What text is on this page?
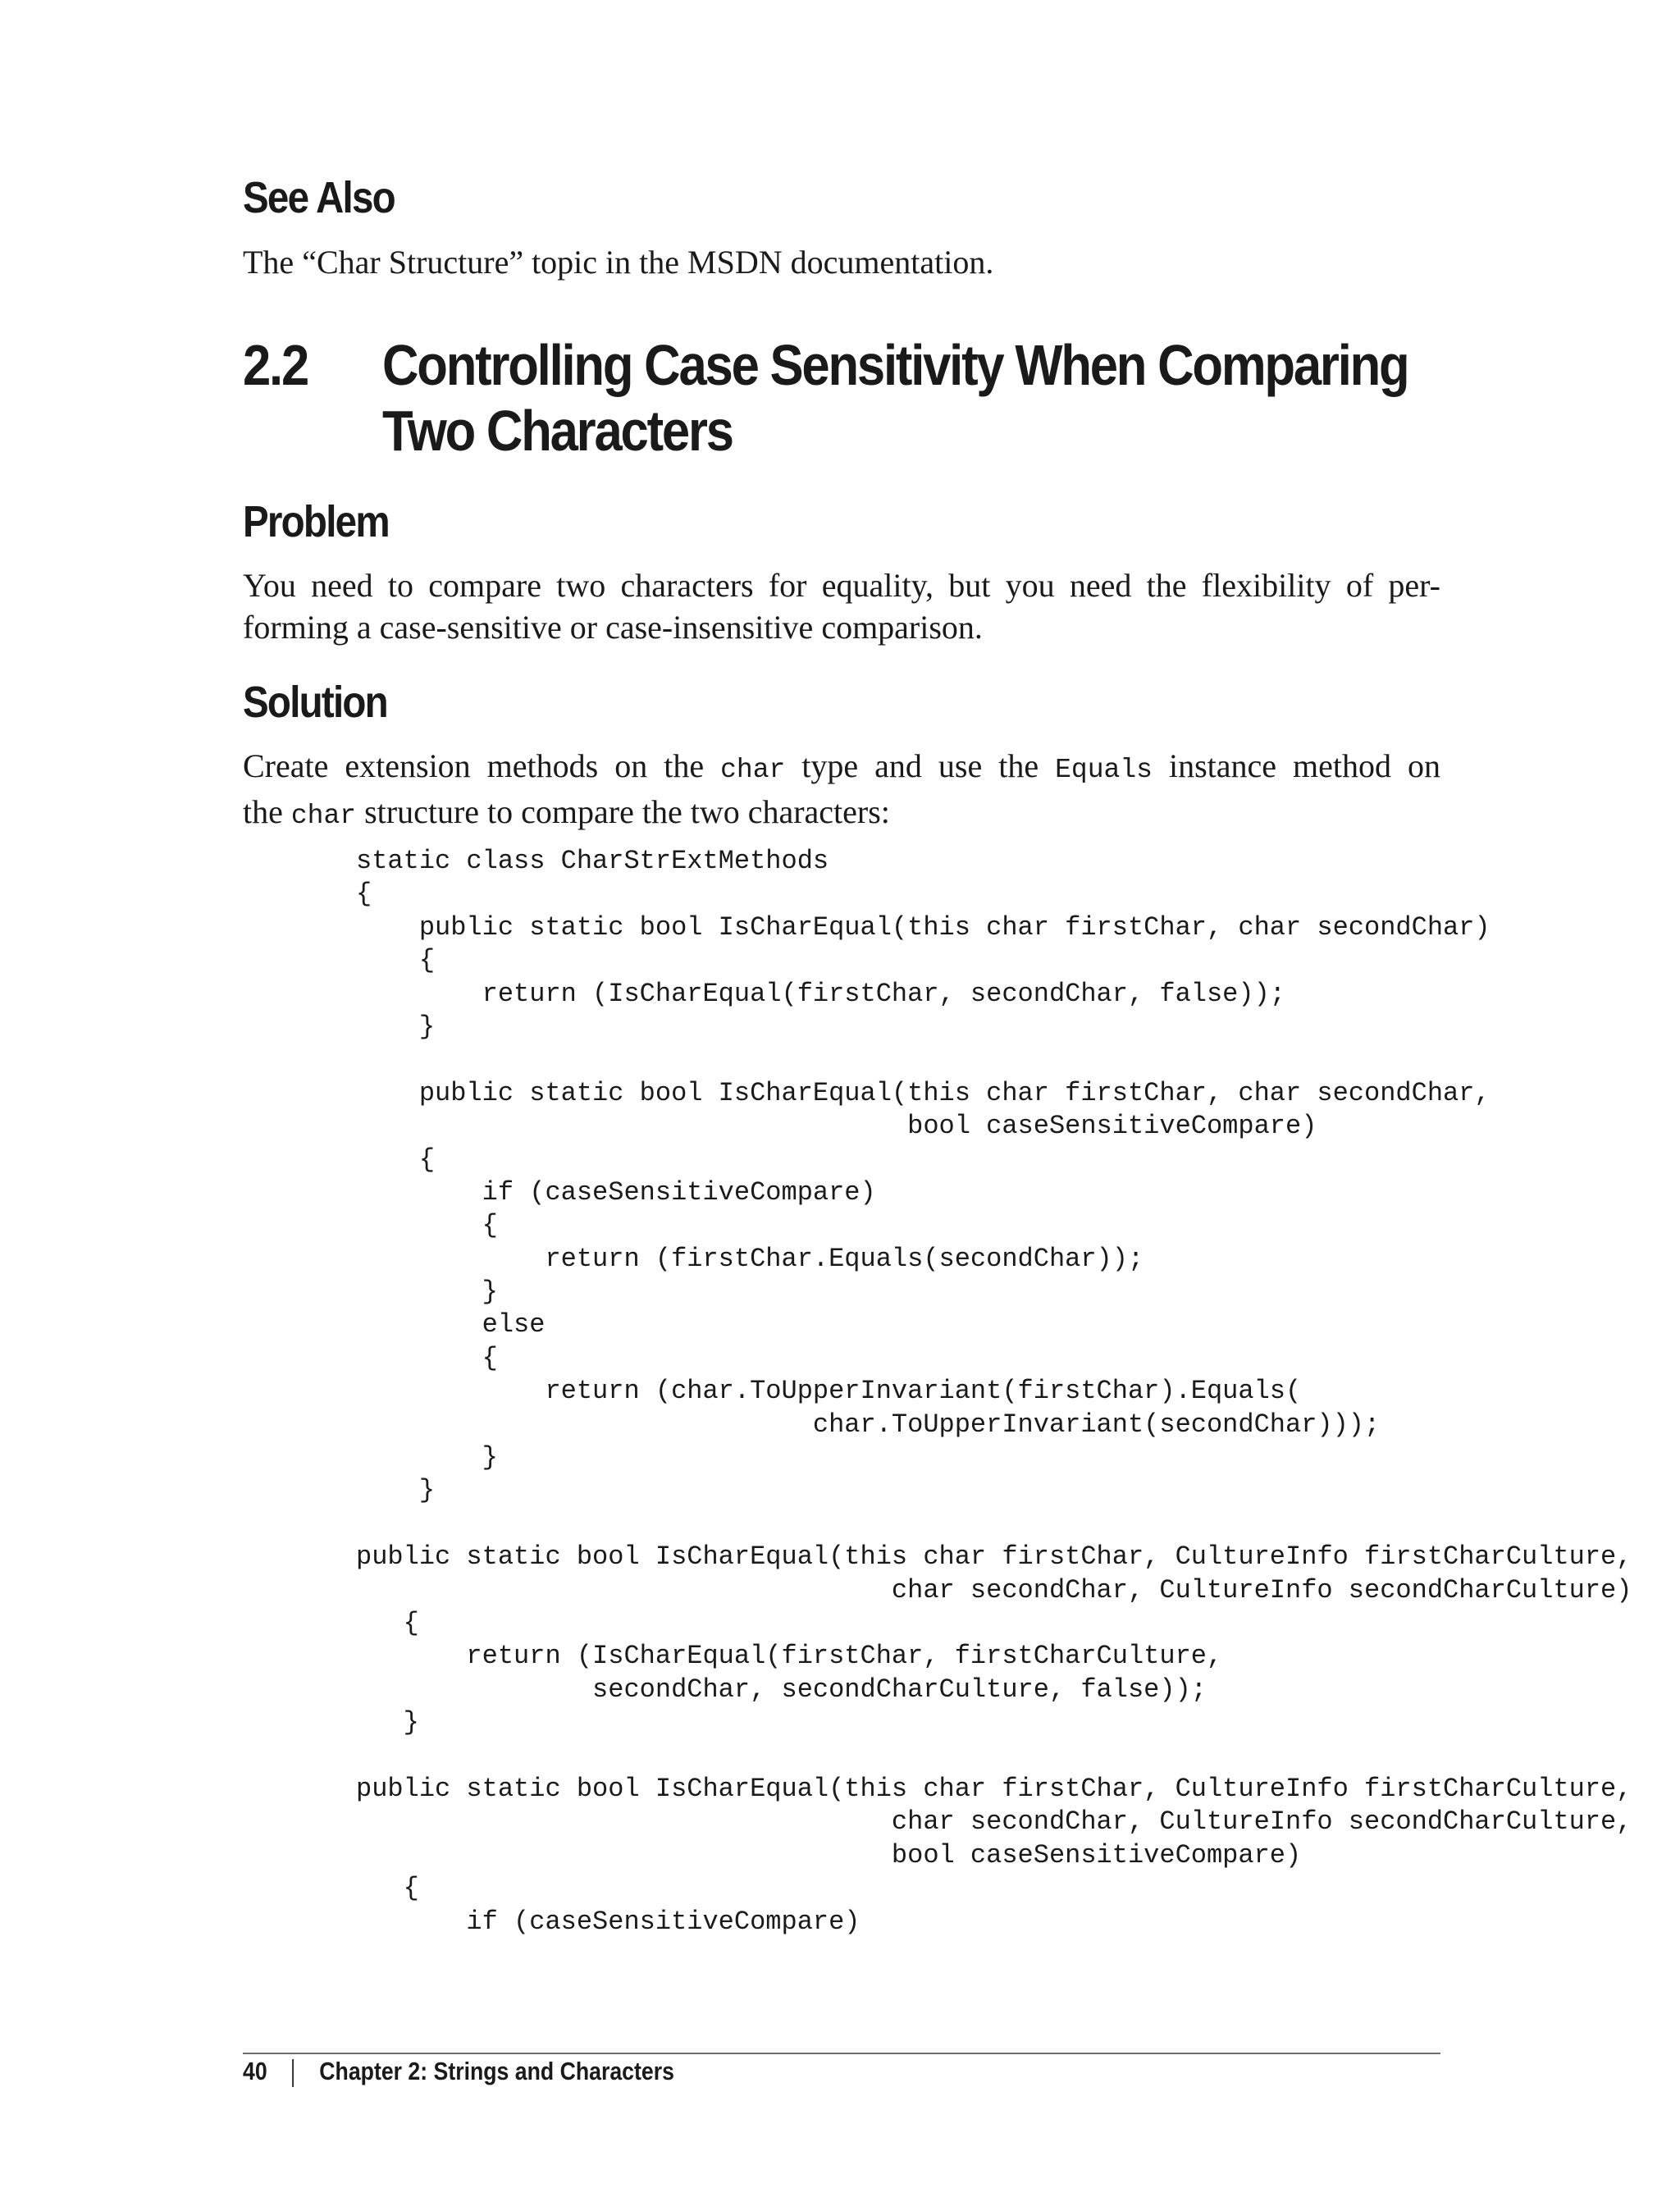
See Also

The “Char Structure” topic in the MSDN documentation.

2.2 Controlling Case Sensitivity When Comparing
Two Characters
Problem

You need to compare two characters for equality, but you need the flexibility of per-
forming a case-sensitive or case-insensitive comparison.

Solution

Create extension methods on the char type and use the Equals instance method on
the char structure to compare the two characters:

static class CharStrExtMethods
{
public static bool IsCharEqual(this char firstChar, char secondChar)
{
return (IsCharEqual(firstChar, secondChar, false));
}
public static bool IsCharEqual(this char firstChar, char secondChar,
bool caseSensitiveCompare)
{
if (caseSensitiveCompare)
{
return (firstChar.Equals(secondChar));
}
else
{
return (char.ToUpperInvariant(firstChar).Equals(
char.ToUpperInvariant(secondChar)));
}
}
public static bool IsCharEqual(this char firstChar, CultureInfo firstCharCulture,
char secondChar, CultureInfo secondCharCulture)
{
return (IsCharEqual(firstChar, firstCharCulture,
secondChar, secondCharCulture, false));
}
public static bool IsCharEqual(this char firstChar, CultureInfo firstCharCulture,
char secondChar, CultureInfo secondCharCulture,
bool caseSensitiveCompare)
{
if (caseSensitiveCompare)
40 Chapter 2: Strings and Characters
